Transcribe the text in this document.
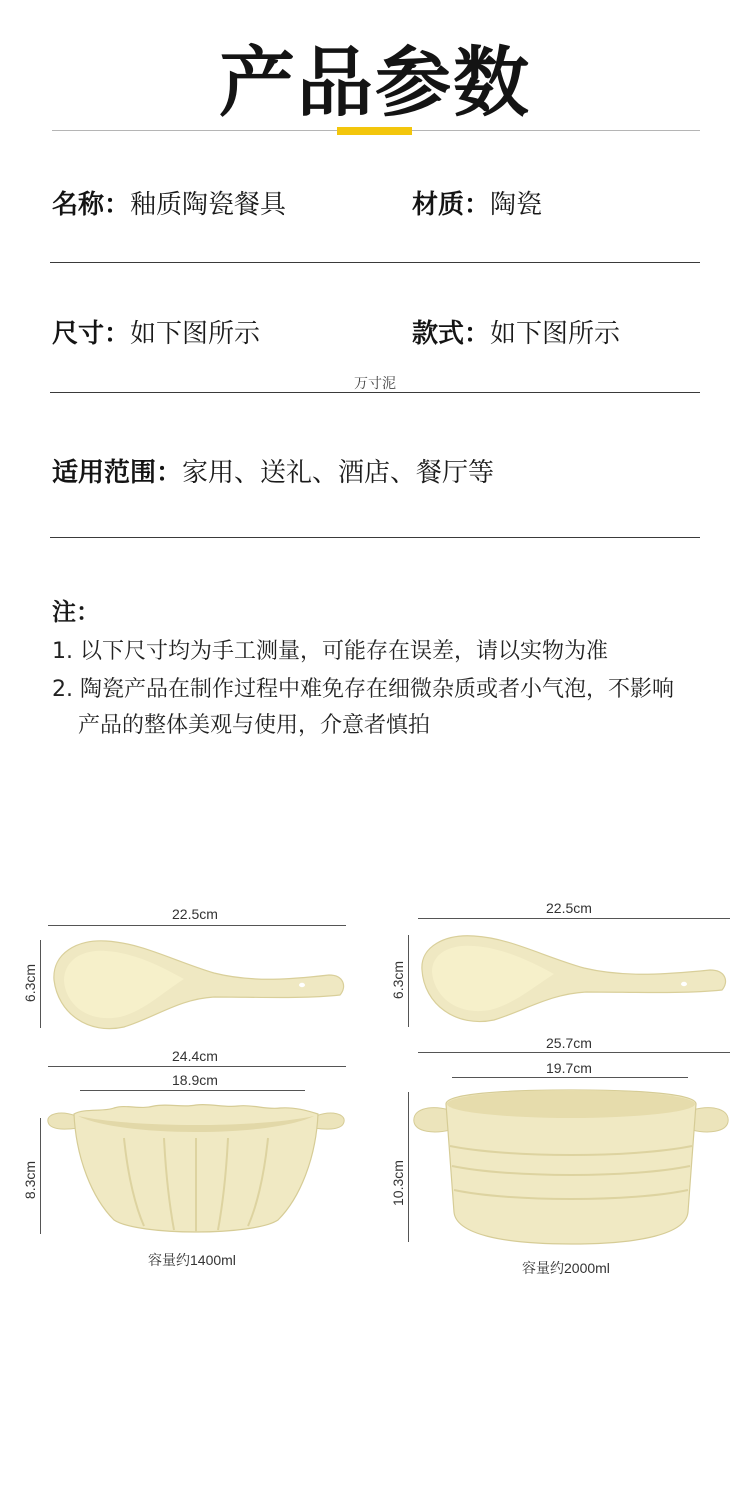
产品参数
名称：釉质陶瓷餐具	材质：陶瓷
尺寸：如下图所示	款式：如下图所示
万寸泥
适用范围：家用、送礼、酒店、餐厅等
注：
1. 以下尺寸均为手工测量，可能存在误差，请以实物为准
2. 陶瓷产品在制作过程中难免存在细微杂质或者小气泡，不影响
产品的整体美观与使用，介意者慎拍
22.5cm
6.3cm
24.4cm
18.9cm
8.3cm
容量约1400ml
22.5cm
6.3cm
25.7cm
19.7cm
10.3cm
容量约2000ml
